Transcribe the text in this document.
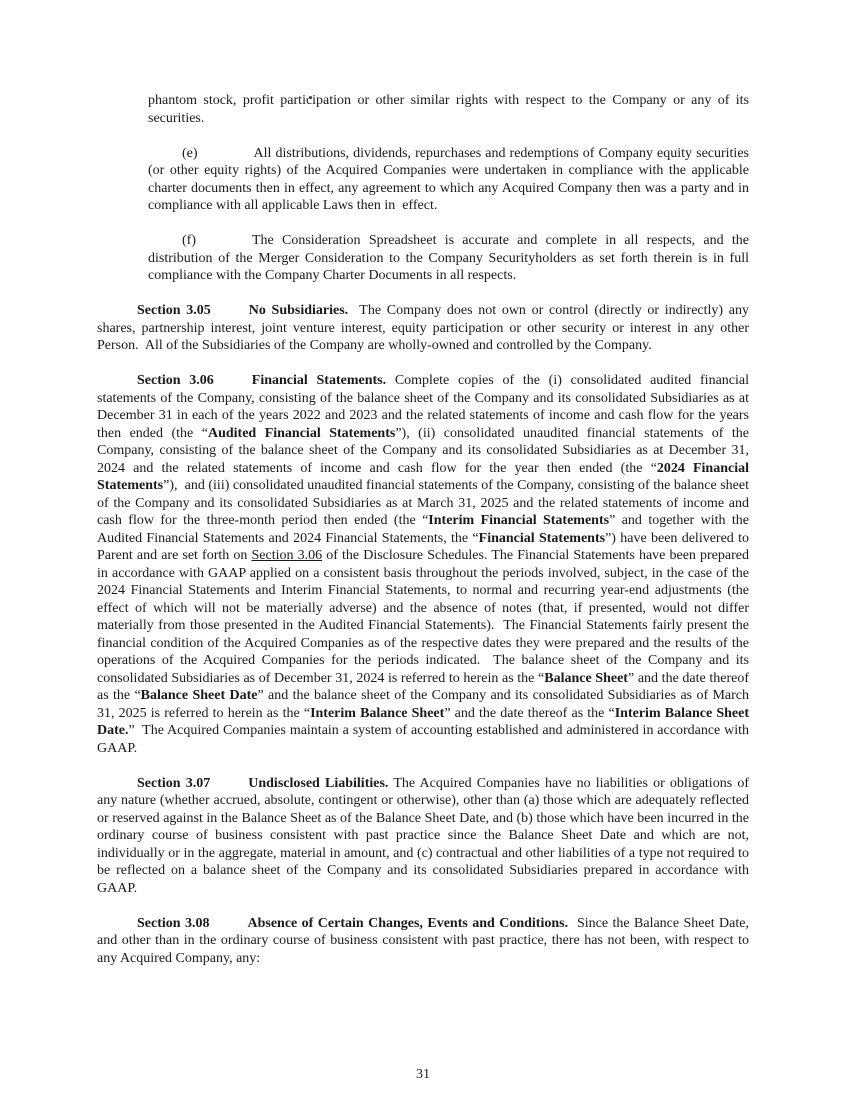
phantom stock, profit participation or other similar rights with respect to the Company or any of its securities.

(e)	All distributions, dividends, repurchases and redemptions of Company equity securities (or other equity rights) of the Acquired Companies were undertaken in compliance with the applicable charter documents then in effect, any agreement to which any Acquired Company then was a party and in compliance with all applicable Laws then in  effect.

(f)	The Consideration Spreadsheet is accurate and complete in all respects, and the distribution of the Merger Consideration to the Company Securityholders as set forth therein is in full compliance with the Company Charter Documents in all respects.

Section 3.05	No Subsidiaries.  The Company does not own or control (directly or indirectly) any shares, partnership interest, joint venture interest, equity participation or other security or interest in any other Person.  All of the Subsidiaries of the Company are wholly-owned and controlled by the Company.

Section 3.06	Financial Statements. Complete copies of the (i) consolidated audited financial statements of the Company, consisting of the balance sheet of the Company and its consolidated Subsidiaries as at December 31 in each of the years 2022 and 2023 and the related statements of income and cash flow for the years then ended (the “Audited Financial Statements”), (ii) consolidated unaudited financial statements of the Company, consisting of the balance sheet of the Company and its consolidated Subsidiaries as at December 31, 2024 and the related statements of income and cash flow for the year then ended (the “2024 Financial Statements”),  and (iii) consolidated unaudited financial statements of the Company, consisting of the balance sheet of the Company and its consolidated Subsidiaries as at March 31, 2025 and the related statements of income and cash flow for the three-month period then ended (the “Interim Financial Statements” and together with the Audited Financial Statements and 2024 Financial Statements, the “Financial Statements”) have been delivered to Parent and are set forth on Section 3.06 of the Disclosure Schedules. The Financial Statements have been prepared in accordance with GAAP applied on a consistent basis throughout the periods involved, subject, in the case of the 2024 Financial Statements and Interim Financial Statements, to normal and recurring year-end adjustments (the effect of which will not be materially adverse) and the absence of notes (that, if presented, would not differ materially from those presented in the Audited Financial Statements).  The Financial Statements fairly present the financial condition of the Acquired Companies as of the respective dates they were prepared and the results of the operations of the Acquired Companies for the periods indicated.  The balance sheet of the Company and its consolidated Subsidiaries as of December 31, 2024 is referred to herein as the “Balance Sheet” and the date thereof as the “Balance Sheet Date” and the balance sheet of the Company and its consolidated Subsidiaries as of March 31, 2025 is referred to herein as the “Interim Balance Sheet” and the date thereof as the “Interim Balance Sheet Date.”  The Acquired Companies maintain a system of accounting established and administered in accordance with GAAP.

Section 3.07	Undisclosed Liabilities. The Acquired Companies have no liabilities or obligations of any nature (whether accrued, absolute, contingent or otherwise), other than (a) those which are adequately reflected or reserved against in the Balance Sheet as of the Balance Sheet Date, and (b) those which have been incurred in the ordinary course of business consistent with past practice since the Balance Sheet Date and which are not, individually or in the aggregate, material in amount, and (c) contractual and other liabilities of a type not required to be reflected on a balance sheet of the Company and its consolidated Subsidiaries prepared in accordance with GAAP.

Section 3.08	Absence of Certain Changes, Events and Conditions.  Since the Balance Sheet Date, and other than in the ordinary course of business consistent with past practice, there has not been, with respect to any Acquired Company, any:

31
